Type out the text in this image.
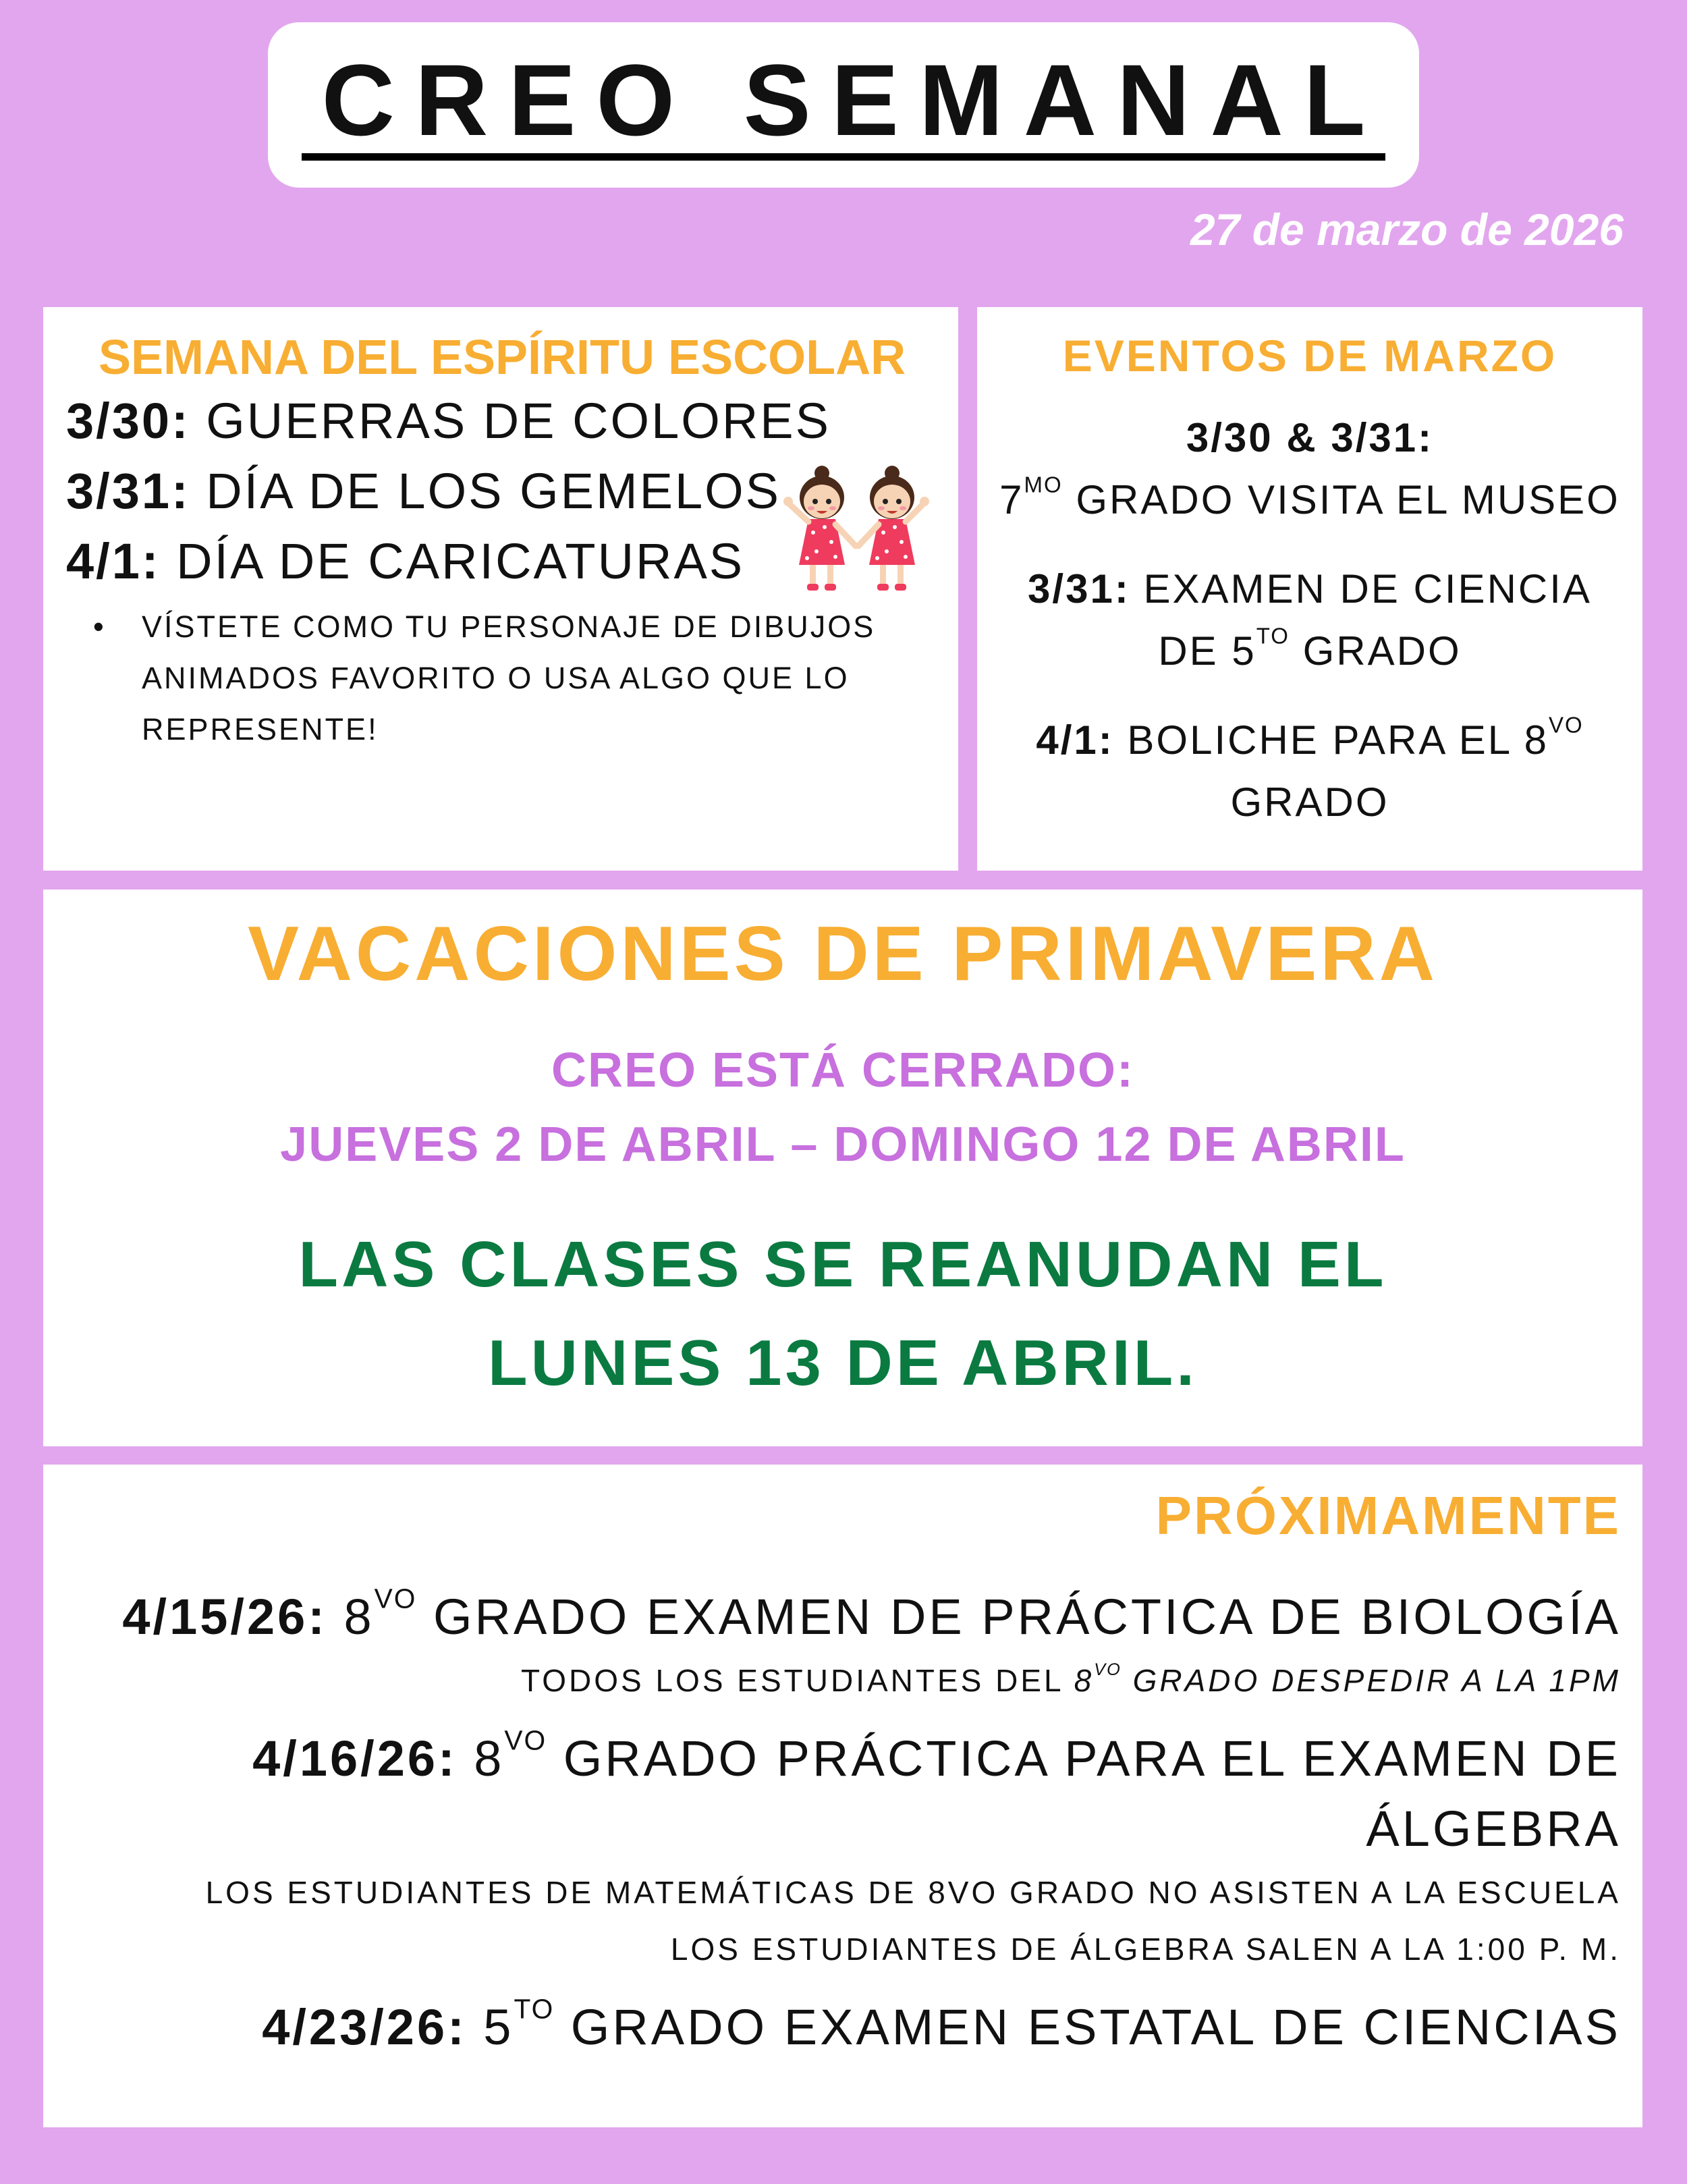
CREO SEMANAL
27 de marzo de 2026
SEMANA DEL ESPÍRITU ESCOLAR
3/30: GUERRAS DE COLORES
3/31: DÍA DE LOS GEMELOS
4/1: DÍA DE CARICATURAS
• VÍSTETE COMO TU PERSONAJE DE DIBUJOS ANIMADOS FAVORITO O USA ALGO QUE LO REPRESENTE!
EVENTOS DE MARZO
3/30 & 3/31:
$7^{MO}$ GRADO VISITA EL MUSEO
3/31: EXAMEN DE CIENCIA DE $5^{TO}$ GRADO
4/1: BOLICHE PARA EL $8^{VO}$ GRADO
VACACIONES DE PRIMAVERA
CREO ESTÁ CERRADO:
JUEVES 2 DE ABRIL – DOMINGO 12 DE ABRIL
LAS CLASES SE REANUDAN EL
LUNES 13 DE ABRIL.
PRÓXIMAMENTE
4/15/26: $8^{VO}$ GRADO EXAMEN DE PRÁCTICA DE BIOLOGÍA
TODOS LOS ESTUDIANTES DEL $8^{VO}$ GRADO DESPEDIR A LA 1PM
4/16/26: $8^{VO}$ GRADO PRÁCTICA PARA EL EXAMEN DE ÁLGEBRA
LOS ESTUDIANTES DE MATEMÁTICAS DE 8VO GRADO NO ASISTEN A LA ESCUELA
LOS ESTUDIANTES DE ÁLGEBRA SALEN A LA 1:00 P. M.
4/23/26: $5^{TO}$ GRADO EXAMEN ESTATAL DE CIENCIAS
